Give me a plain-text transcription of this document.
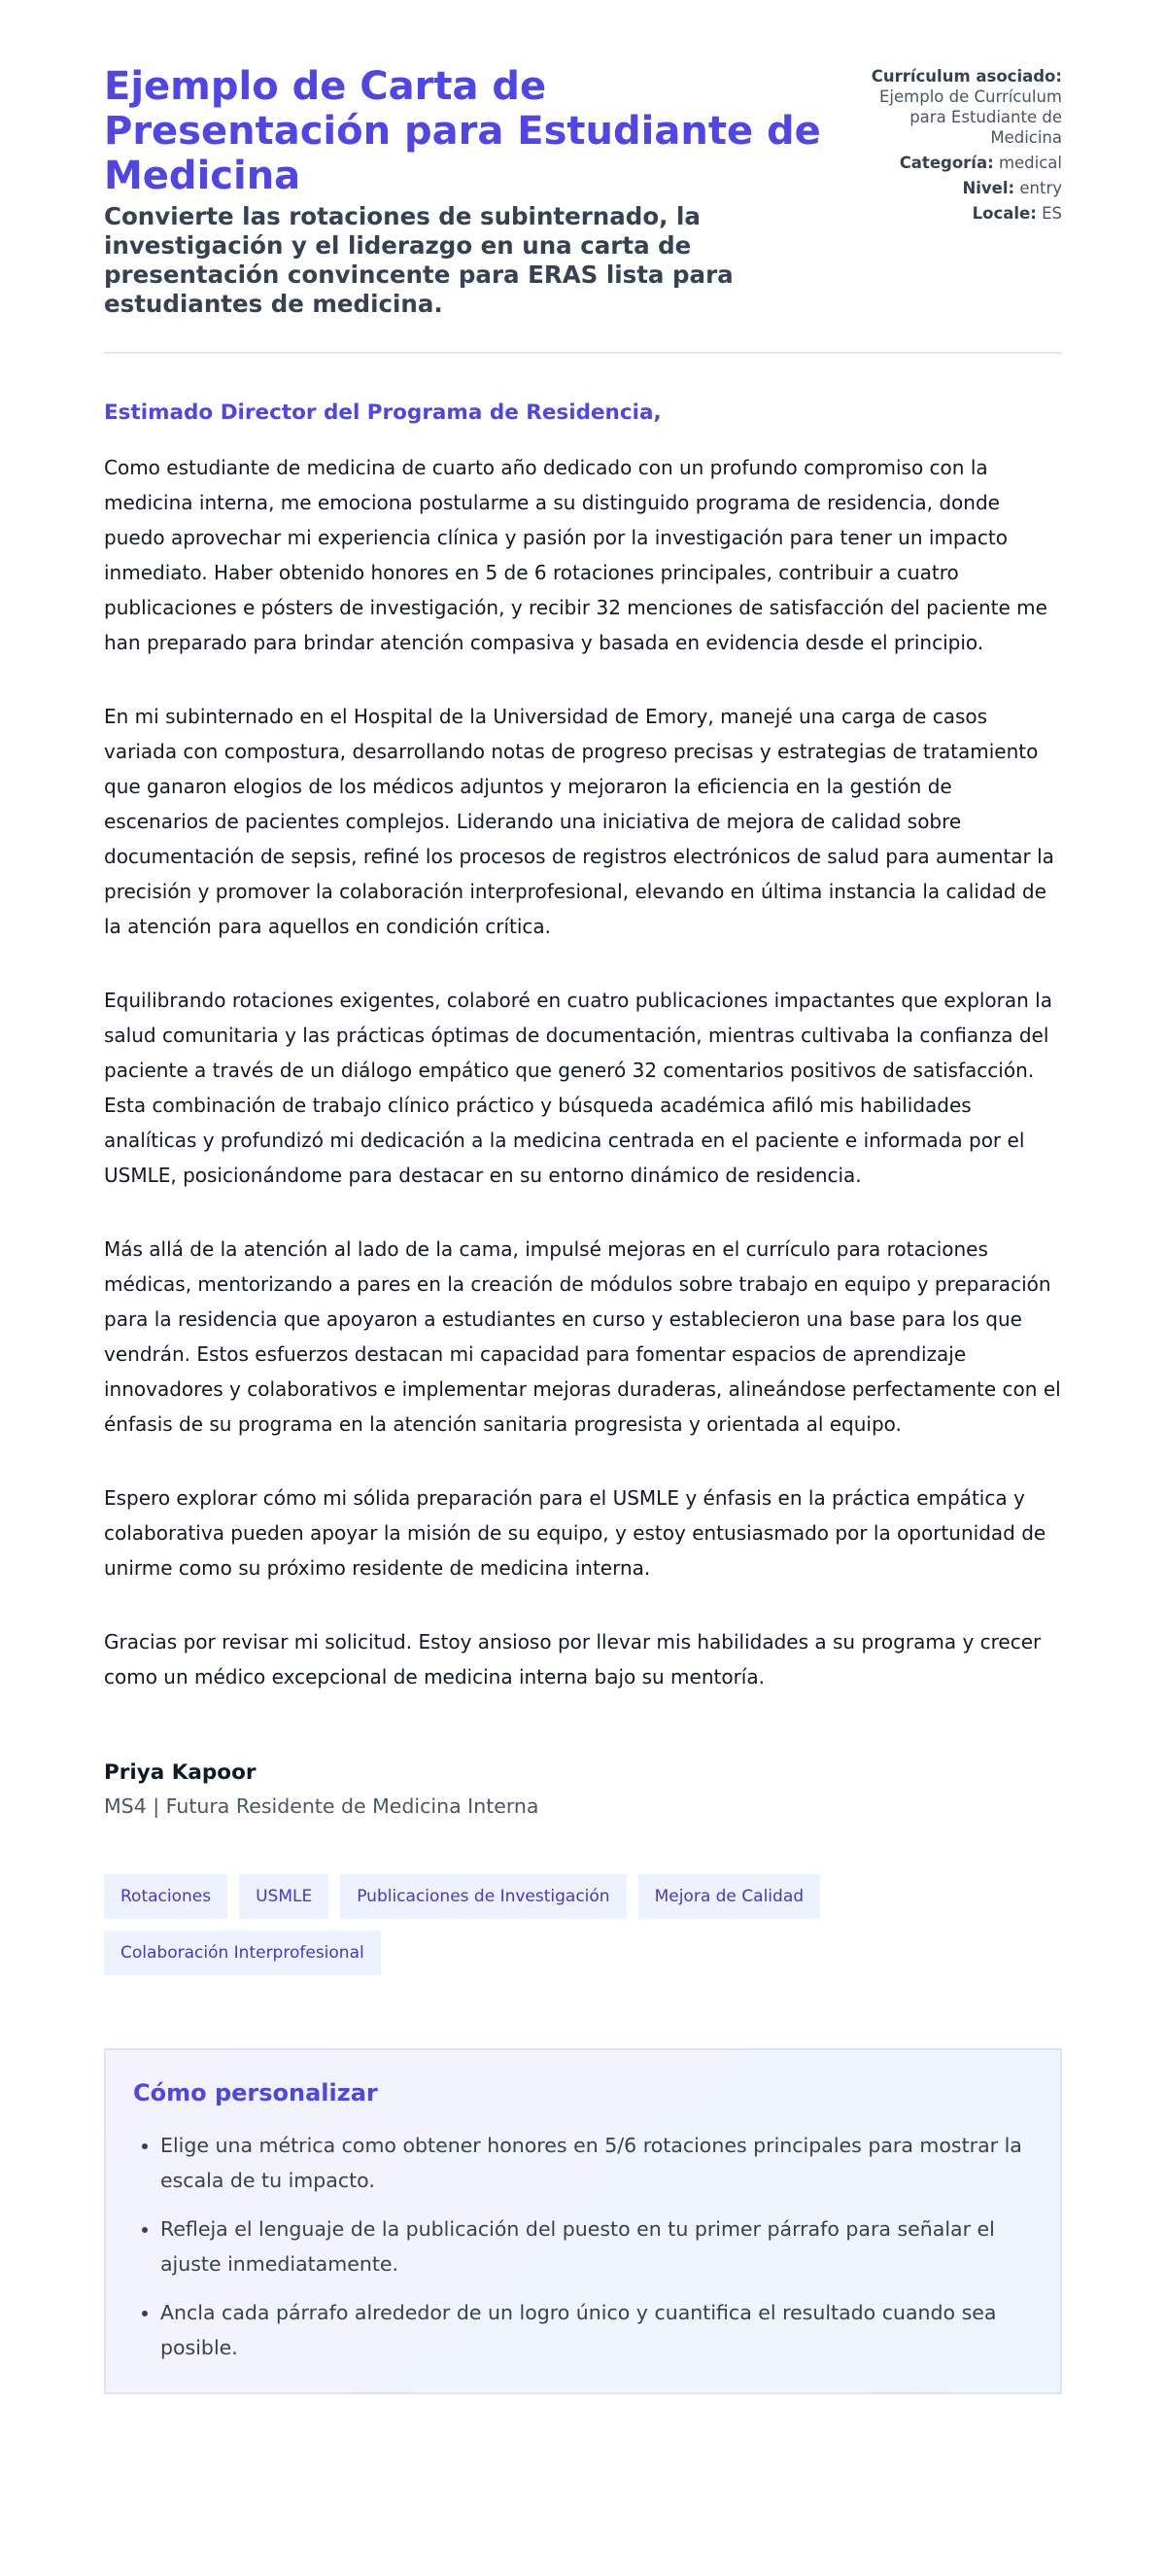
Ejemplo de Carta de Presentación para Estudiante de Medicina

Convierte las rotaciones de subinternado, la investigación y el liderazgo en una carta de presentación convincente para ERAS lista para estudiantes de medicina.

Currículum asociado:
Ejemplo de Currículum para Estudiante de Medicina
Categoría: medical
Nivel: entry
Locale: ES

Estimado Director del Programa de Residencia,

Como estudiante de medicina de cuarto año dedicado con un profundo compromiso con la medicina interna, me emociona postularme a su distinguido programa de residencia, donde puedo aprovechar mi experiencia clínica y pasión por la investigación para tener un impacto inmediato. Haber obtenido honores en 5 de 6 rotaciones principales, contribuir a cuatro publicaciones e pósters de investigación, y recibir 32 menciones de satisfacción del paciente me han preparado para brindar atención compasiva y basada en evidencia desde el principio.

En mi subinternado en el Hospital de la Universidad de Emory, manejé una carga de casos variada con compostura, desarrollando notas de progreso precisas y estrategias de tratamiento que ganaron elogios de los médicos adjuntos y mejoraron la eficiencia en la gestión de escenarios de pacientes complejos. Liderando una iniciativa de mejora de calidad sobre documentación de sepsis, refiné los procesos de registros electrónicos de salud para aumentar la precisión y promover la colaboración interprofesional, elevando en última instancia la calidad de la atención para aquellos en condición crítica.

Equilibrando rotaciones exigentes, colaboré en cuatro publicaciones impactantes que exploran la salud comunitaria y las prácticas óptimas de documentación, mientras cultivaba la confianza del paciente a través de un diálogo empático que generó 32 comentarios positivos de satisfacción. Esta combinación de trabajo clínico práctico y búsqueda académica afiló mis habilidades analíticas y profundizó mi dedicación a la medicina centrada en el paciente e informada por el USMLE, posicionándome para destacar en su entorno dinámico de residencia.

Más allá de la atención al lado de la cama, impulsé mejoras en el currículo para rotaciones médicas, mentorizando a pares en la creación de módulos sobre trabajo en equipo y preparación para la residencia que apoyaron a estudiantes en curso y establecieron una base para los que vendrán. Estos esfuerzos destacan mi capacidad para fomentar espacios de aprendizaje innovadores y colaborativos e implementar mejoras duraderas, alineándose perfectamente con el énfasis de su programa en la atención sanitaria progresista y orientada al equipo.

Espero explorar cómo mi sólida preparación para el USMLE y énfasis en la práctica empática y colaborativa pueden apoyar la misión de su equipo, y estoy entusiasmado por la oportunidad de unirme como su próximo residente de medicina interna.

Gracias por revisar mi solicitud. Estoy ansioso por llevar mis habilidades a su programa y crecer como un médico excepcional de medicina interna bajo su mentoría.

Priya Kapoor
MS4 | Futura Residente de Medicina Interna
Rotaciones	USMLE	Publicaciones de Investigación	Mejora de Calidad
Colaboración Interprofesional
Cómo personalizar
• Elige una métrica como obtener honores en 5/6 rotaciones principales para mostrar la escala de tu impacto.
• Refleja el lenguaje de la publicación del puesto en tu primer párrafo para señalar el ajuste inmediatamente.
• Ancla cada párrafo alrededor de un logro único y cuantifica el resultado cuando sea posible.
